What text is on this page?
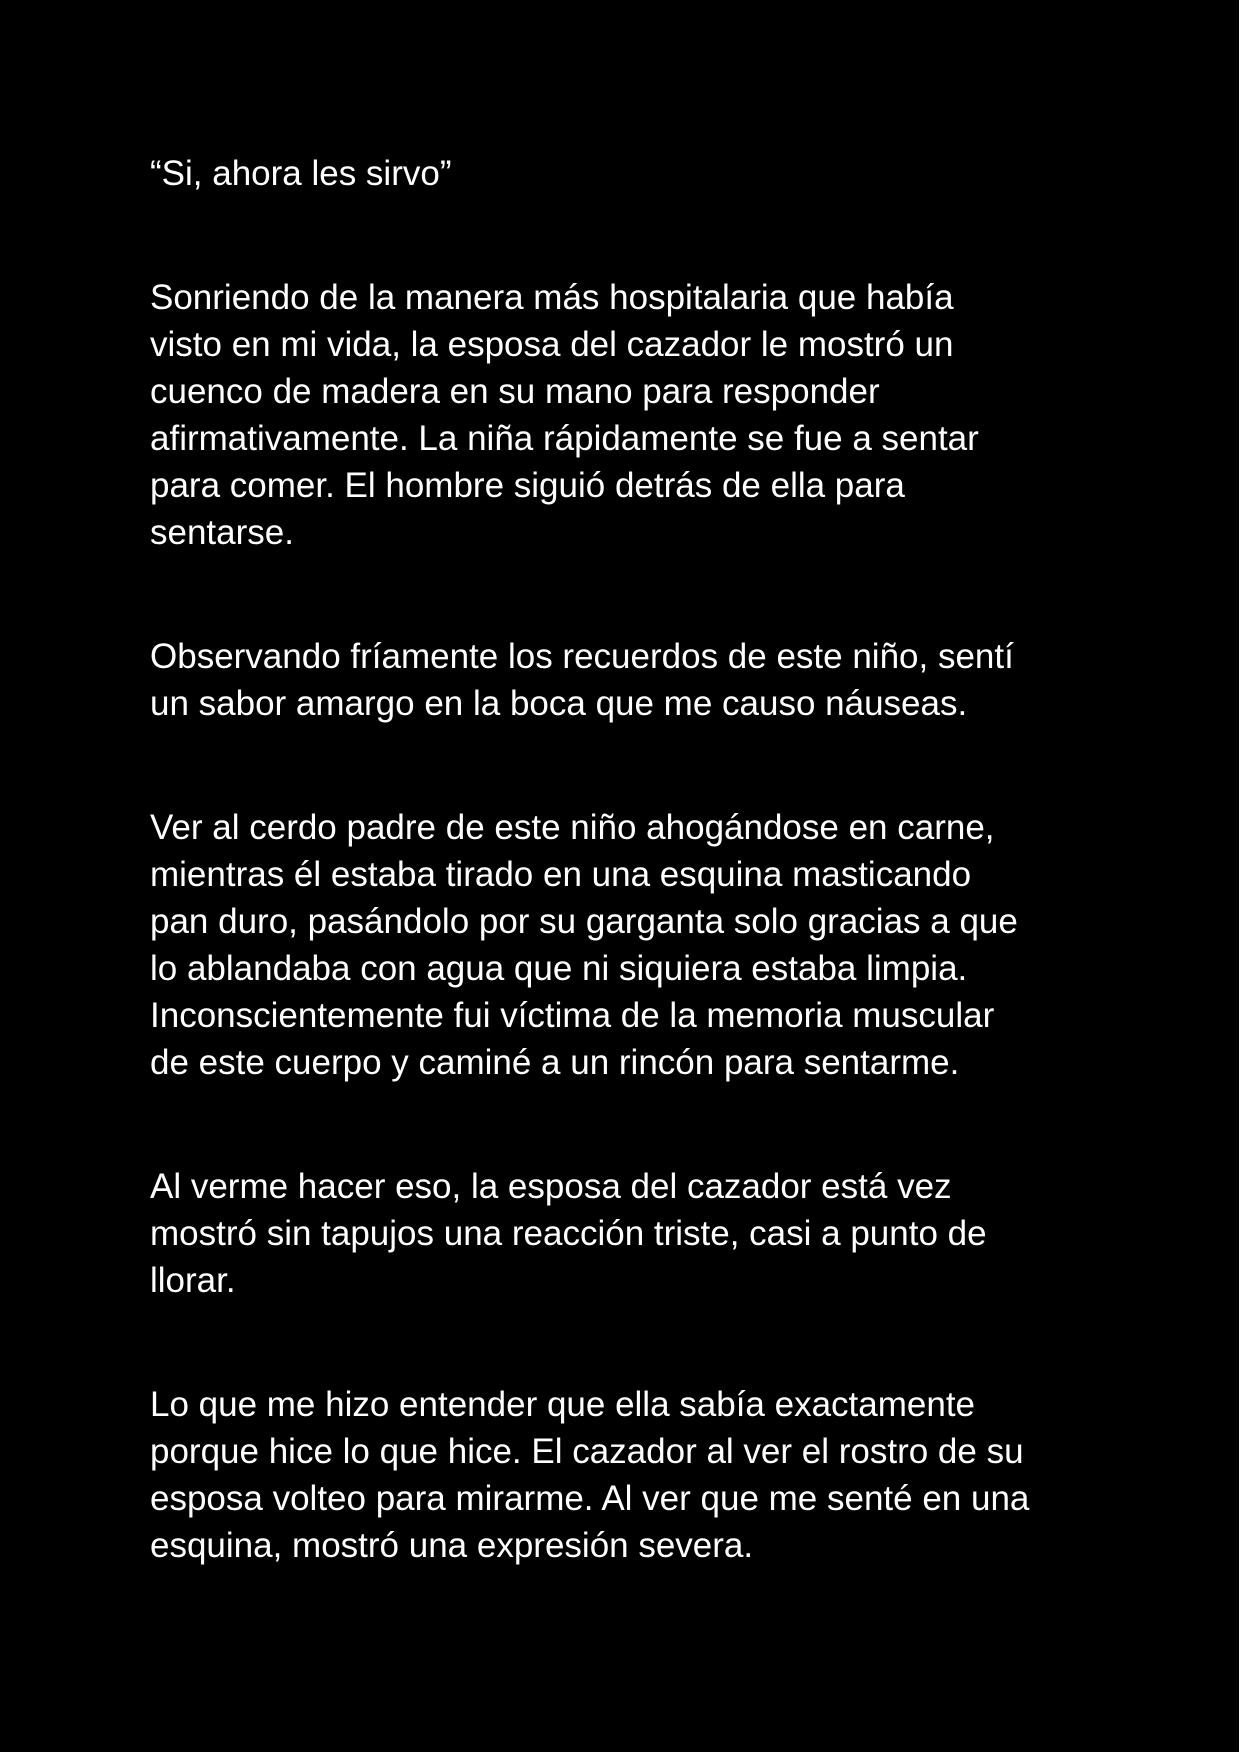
“Si, ahora les sirvo”

Sonriendo de la manera más hospitalaria que había
visto en mi vida, la esposa del cazador le mostró un
cuenco de madera en su mano para responder
afirmativamente. La niña rápidamente se fue a sentar
para comer. El hombre siguió detrás de ella para
sentarse.

Observando fríamente los recuerdos de este niño, sentí
un sabor amargo en la boca que me causo náuseas.

Ver al cerdo padre de este niño ahogándose en carne,
mientras él estaba tirado en una esquina masticando
pan duro, pasándolo por su garganta solo gracias a que
lo ablandaba con agua que ni siquiera estaba limpia.
Inconscientemente fui víctima de la memoria muscular
de este cuerpo y caminé a un rincón para sentarme.

Al verme hacer eso, la esposa del cazador está vez
mostró sin tapujos una reacción triste, casi a punto de
llorar.

Lo que me hizo entender que ella sabía exactamente
porque hice lo que hice. El cazador al ver el rostro de su
esposa volteo para mirarme. Al ver que me senté en una
esquina, mostró una expresión severa.
